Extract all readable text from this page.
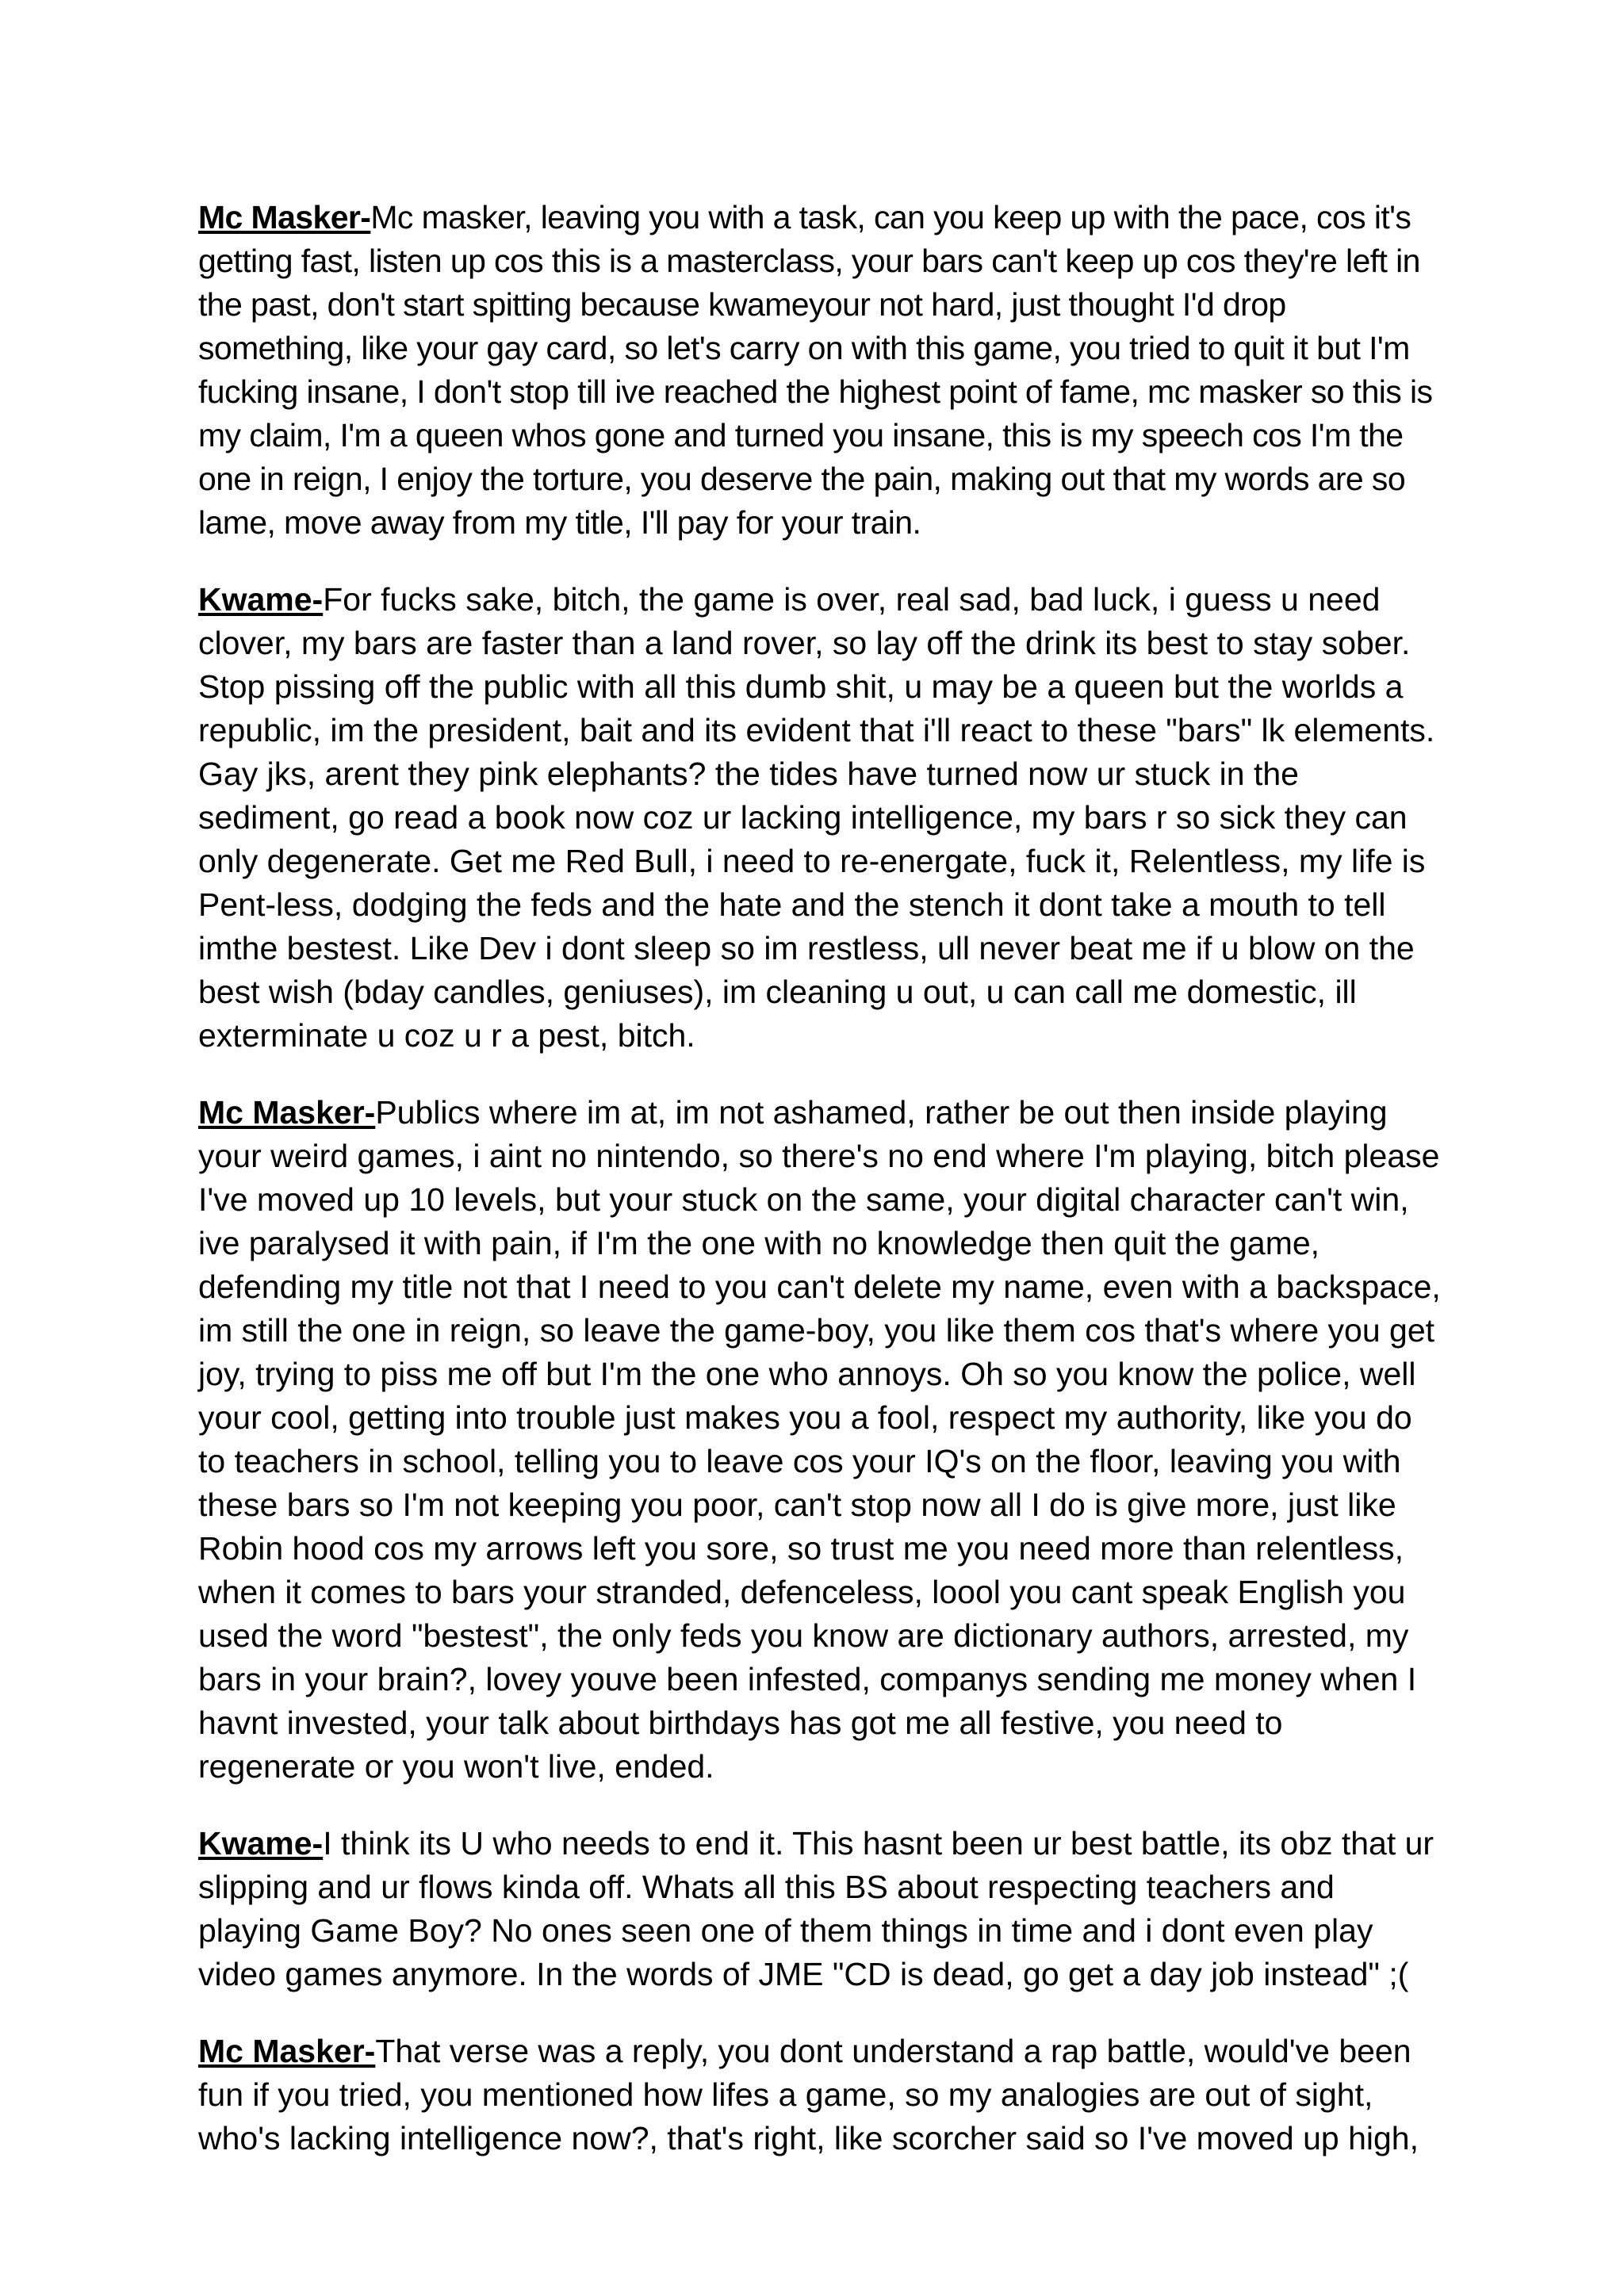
Mc Masker-Mc masker, leaving you with a task, can you keep up with the pace, cos it's getting fast, listen up cos this is a masterclass, your bars can't keep up cos they're left in the past, don't start spitting because kwameyour not hard, just thought I'd drop something, like your gay card, so let's carry on with this game, you tried to quit it but I'm fucking insane, I don't stop till ive reached the highest point of fame, mc masker so this is my claim, I'm a queen whos gone and turned you insane, this is my speech cos I'm the one in reign, I enjoy the torture, you deserve the pain, making out that my words are so lame, move away from my title, I'll pay for your train.

Kwame-For fucks sake, bitch, the game is over, real sad, bad luck, i guess u need clover, my bars are faster than a land rover, so lay off the drink its best to stay sober. Stop pissing off the public with all this dumb shit, u may be a queen but the worlds a republic, im the president, bait and its evident that i'll react to these "bars" lk elements. Gay jks, arent they pink elephants? the tides have turned now ur stuck in the sediment, go read a book now coz ur lacking intelligence, my bars r so sick they can only degenerate. Get me Red Bull, i need to re-energate, fuck it, Relentless, my life is Pent-less, dodging the feds and the hate and the stench it dont take a mouth to tell imthe bestest. Like Dev i dont sleep so im restless, ull never beat me if u blow on the best wish (bday candles, geniuses), im cleaning u out, u can call me domestic, ill exterminate u coz u r a pest, bitch.

Mc Masker-Publics where im at, im not ashamed, rather be out then inside playing your weird games, i aint no nintendo, so there's no end where I'm playing, bitch please I've moved up 10 levels, but your stuck on the same, your digital character can't win, ive paralysed it with pain, if I'm the one with no knowledge then quit the game, defending my title not that I need to you can't delete my name, even with a backspace, im still the one in reign, so leave the game-boy, you like them cos that's where you get joy, trying to piss me off but I'm the one who annoys. Oh so you know the police, well your cool, getting into trouble just makes you a fool, respect my authority, like you do to teachers in school, telling you to leave cos your IQ's on the floor, leaving you with these bars so I'm not keeping you poor, can't stop now all I do is give more, just like Robin hood cos my arrows left you sore, so trust me you need more than relentless, when it comes to bars your stranded, defenceless, loool you cant speak English you used the word "bestest", the only feds you know are dictionary authors, arrested, my bars in your brain?, lovey youve been infested, companys sending me money when I havnt invested, your talk about birthdays has got me all festive, you need to regenerate or you won't live, ended.

Kwame-I think its U who needs to end it. This hasnt been ur best battle, its obz that ur slipping and ur flows kinda off. Whats all this BS about respecting teachers and playing Game Boy? No ones seen one of them things in time and i dont even play video games anymore. In the words of JME "CD is dead, go get a day job instead" ;(

Mc Masker-That verse was a reply, you dont understand a rap battle, would've been fun if you tried, you mentioned how lifes a game, so my analogies are out of sight, who's lacking intelligence now?, that's right, like scorcher said so I've moved up high,
